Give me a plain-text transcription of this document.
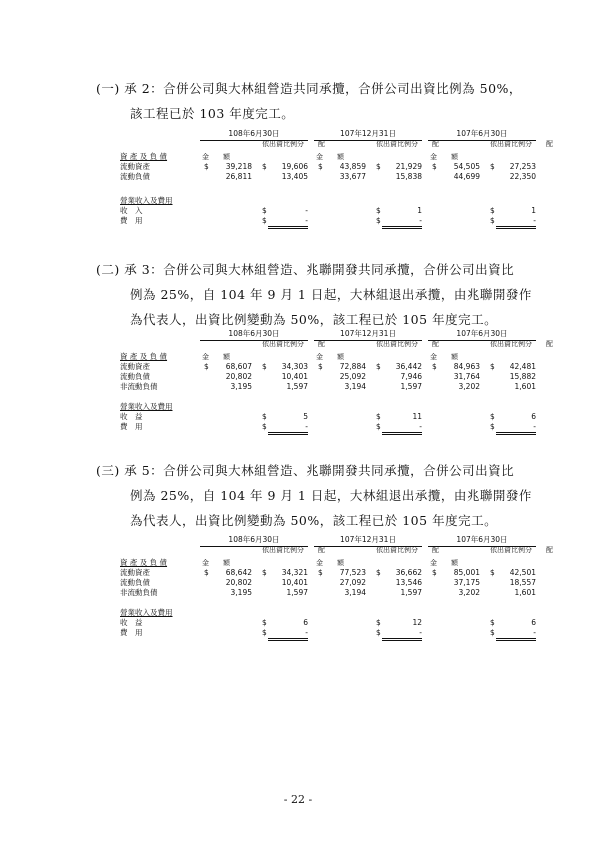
(一) 承 2：合併公司與大林組營造共同承攬，合併公司出資比例為 50%，
該工程已於 103 年度完工。

108年6月30日	107年12月31日	107年6月30日
依出資比例分　　配	依出資比例分　　配	依出資比例分　　配
資 產 及 負 債	金　　額	金　　額	金　　額
流動資產	$	39,218 $	19,606 $	43,859 $	21,929 $	54,505 $	27,253
流動負債	26,811	13,405	33,677	15,838	44,699	22,350
營業收入及費用
收　入	$	-	$	1	$	1
費　用	$	-	$	-	$	-

(二) 承 3：合併公司與大林組營造、兆聯開發共同承攬，合併公司出資比
例為 25%，自 104 年 9 月 1 日起，大林組退出承攬，由兆聯開發作
為代表人，出資比例變動為 50%，該工程已於 105 年度完工。

108年6月30日	107年12月31日	107年6月30日
依出資比例分　　配	依出資比例分　　配	依出資比例分　　配
資 產 及 負 債	金　　額	金　　額	金　　額
流動資產	$	68,607 $	34,303 $	72,884 $	36,442 $	84,963 $	42,481
流動負債	20,802	10,401	25,092	7,946	31,764	15,882
非流動負債	3,195	1,597	3,194	1,597	3,202	1,601
營業收入及費用
收　益	$	5	$	11	$	6
費　用	$	-	$	-	$	-

(三) 承 5：合併公司與大林組營造、兆聯開發共同承攬，合併公司出資比
例為 25%，自 104 年 9 月 1 日起，大林組退出承攬，由兆聯開發作
為代表人，出資比例變動為 50%，該工程已於 105 年度完工。

108年6月30日	107年12月31日	107年6月30日
依出資比例分　　配	依出資比例分　　配	依出資比例分　　配
資 產 及 負 債	金　　額	金　　額	金　　額
流動資產	$	68,642 $	34,321 $	77,523 $	36,662 $	85,001 $	42,501
流動負債	20,802	10,401	27,092	13,546	37,175	18,557
非流動負債	3,195	1,597	3,194	1,597	3,202	1,601
營業收入及費用
收　益	$	6	$	12	$	6
費　用	$	-	$	-	$	-
- 22 -
